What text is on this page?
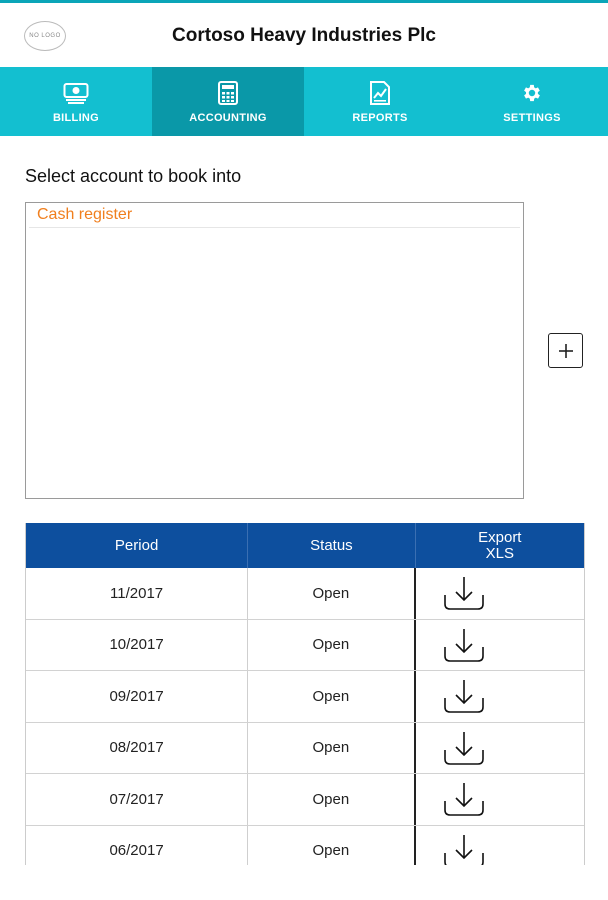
NO LOGO	Cortoso Heavy Industries Plc
BILLING	ACCOUNTING	REPORTS	SETTINGS
Select account to book into
Cash register
Period	Status	Export
XLS
11/2017	Open
10/2017	Open
09/2017	Open
08/2017	Open
07/2017	Open
06/2017	Open
